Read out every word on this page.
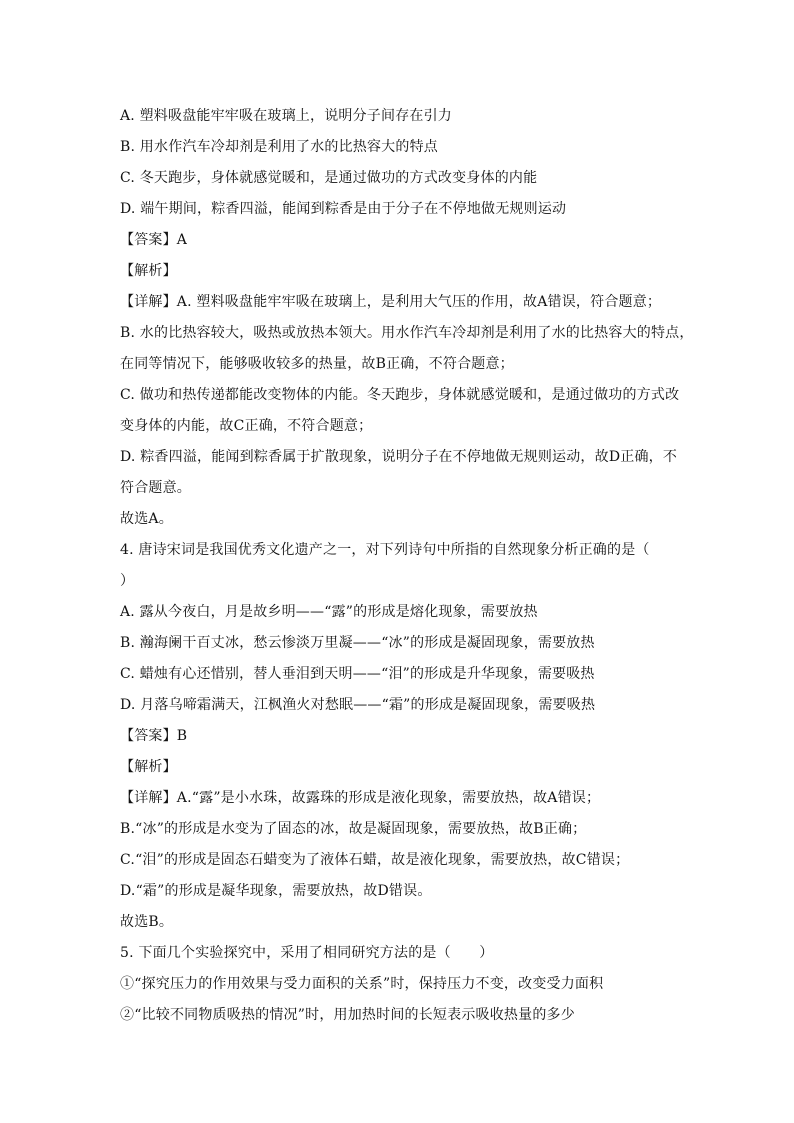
A. 塑料吸盘能牢牢吸在玻璃上，说明分子间存在引力
B. 用水作汽车冷却剂是利用了水的比热容大的特点
C. 冬天跑步，身体就感觉暖和，是通过做功的方式改变身体的内能
D. 端午期间，粽香四溢，能闻到粽香是由于分子在不停地做无规则运动
【答案】A
【解析】
【详解】A. 塑料吸盘能牢牢吸在玻璃上，是利用大气压的作用，故A错误，符合题意；
B. 水的比热容较大，吸热或放热本领大。用水作汽车冷却剂是利用了水的比热容大的特点，
在同等情况下，能够吸收较多的热量，故B正确，不符合题意；
C. 做功和热传递都能改变物体的内能。冬天跑步，身体就感觉暖和，是通过做功的方式改
变身体的内能，故C正确，不符合题意；
D. 粽香四溢，能闻到粽香属于扩散现象，说明分子在不停地做无规则运动，故D正确，不
符合题意。
故选A。
4. 唐诗宋词是我国优秀文化遗产之一，对下列诗句中所指的自然现象分析正确的是（
）
A. 露从今夜白，月是故乡明——“露”的形成是熔化现象，需要放热
B. 瀚海阑干百丈冰，愁云惨淡万里凝——“冰”的形成是凝固现象，需要放热
C. 蜡烛有心还惜别，替人垂泪到天明——“泪”的形成是升华现象，需要吸热
D. 月落乌啼霜满天，江枫渔火对愁眠——“霜”的形成是凝固现象，需要吸热
【答案】B
【解析】
【详解】A.“露”是小水珠，故露珠的形成是液化现象，需要放热，故A错误；
B.“冰”的形成是水变为了固态的冰，故是凝固现象，需要放热，故B正确；
C.“泪”的形成是固态石蜡变为了液体石蜡，故是液化现象，需要放热，故C错误；
D.“霜”的形成是凝华现象，需要放热，故D错误。
故选B。
5. 下面几个实验探究中，采用了相同研究方法的是（　　）
①“探究压力的作用效果与受力面积的关系”时，保持压力不变，改变受力面积
②“比较不同物质吸热的情况”时，用加热时间的长短表示吸收热量的多少
